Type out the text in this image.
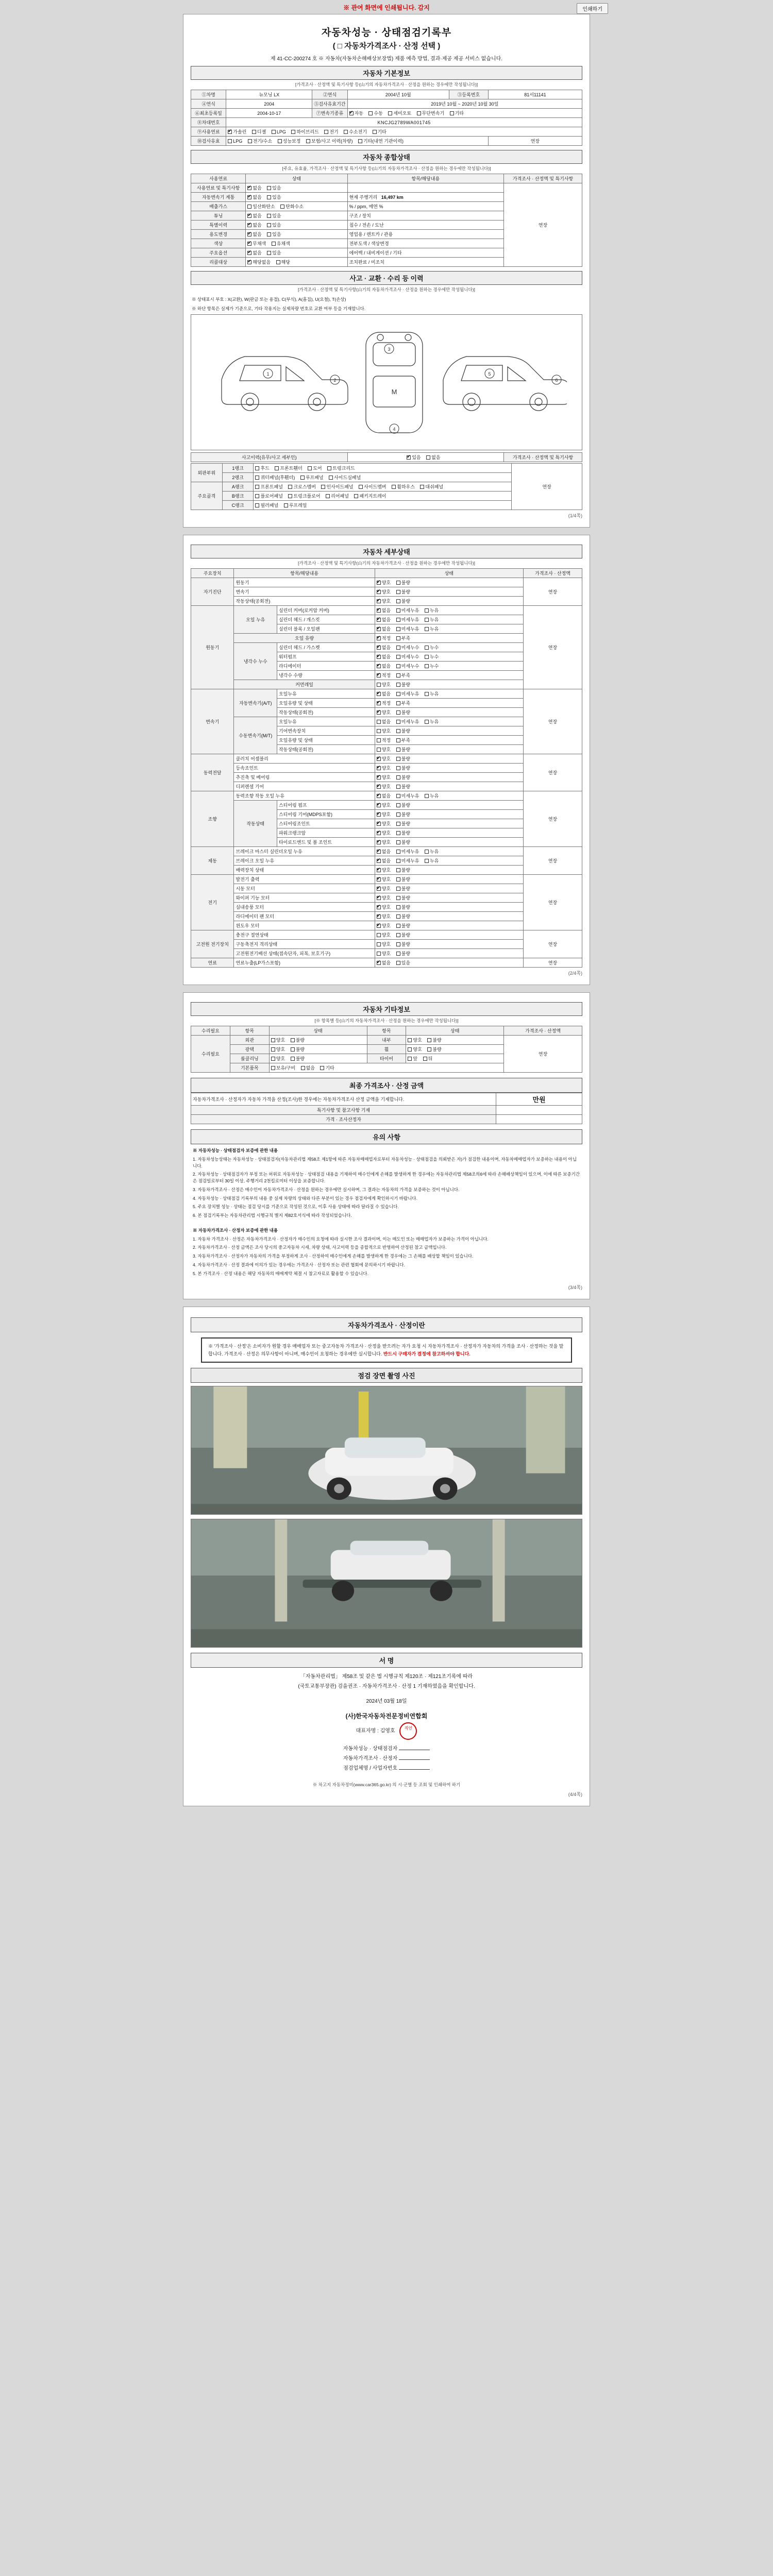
※ 관여 화면에 인쇄됩니다. 감지	인쇄하기
자동차성능 · 상태점검기록부
( □ 자동차가격조사 · 산정 선택 )
제 41-CC-200274 호 ※ 자동차(자동차손해배상보장법) 제품 예측 방법, 결과·제공 제공 서비스 없습니다.
자동차 기본정보
[가격조사 · 산정액 및 특기사항 등(山기의 자동차가격조사 · 산정을 원하는 경우에만 작성됩니다)]
①차명	뉴모닝 LX	②연식	2004년 10월	③등록번호	81서11141
④연식	2004	⑤검사유효기간	2019년 10월 ~ 2020년 10월 30일		
⑥최초등록일	2004-10-17	⑦변속기종류	✔자동 수동 세미오토 무단변속기 기타
⑧차대번호	KNCJG2789WA001745				
⑨사용연료	✔가솔린 디젤 LPG 하이브리드 전기 수소전기 기타
⑩검사유효	LPG 전기/수소 성능보정 보험/사고 이력(차량) 기타(내연 기관이력)				연장
자동차 종합상태
[주요, 유효율, 가격조사 · 산정액 및 특기사항 등(山기의 자동차가격조사 · 산정을 원하는 경우에만 작성됩니다)]
사용연료	상태	항목/해당내용	가격조사 · 산정액 및 특기사항
사용연료 및 특기사항	✔없음 있음		연장
자동변속기 계통	✔없음 있음	현재 주행거리 16,497 km	
배출가스	일산화탄소 탄화수소	% / ppm, 매연 %	
튜닝	✔없음 있음	구조 / 장치	
특별이력	✔없음 있음	침수 / 전손 / 도난	
용도변경	✔없음 있음	영업용 / 렌트카 / 관용	
색상	✔무채색 유채색	전부도색 / 색상변경	
주요옵션	✔없음 있음	에어백 / 내비게이션 / 기타	
리콜대상	✔해당없음 해당	조치완료 / 미조치	
사고 · 교환 · 수리 등 이력
[가격조사 · 산정액 및 특기사항(山기의 자동차가격조사 · 산정을 원하는 경우에만 작성됩니다)]
※ 상태표시 부호 : X(교환), W(판금 또는 용접), C(부식), A(흠집), U(요철), T(손상)
※ 하단 항목은 실제가 기준으로, 기타 작용지는 실제차량 번호로 교환 여부 등을 기재합니다.
M
1
2
3
4
5
6
사고이력(유무/사고 세부인)	✔있음 없음	가격조사 · 산정액 및 특기사항
외판부위	1랭크	후드 프론트휀더 도어 트렁크리드	연장
	2랭크	쿼터패널(후휀더) 루프패널 사이드실패널	
주요골격	A랭크	프론트패널 크로스멤버 인사이드패널 사이드멤버 휠하우스 대쉬패널	
	B랭크	플로어패널 트렁크플로어 리어패널 패키지트레이	
	C랭크	필러패널 루프레일	
(1/4쪽)
자동차 세부상태
[가격조사 · 산정액 및 특기사항(山기의 자동차가격조사 · 산정을 원하는 경우에만 작성됩니다)]
주요장치	항목/해당내용		상태	가격조사 · 산정액
자기진단	원동기	✔양호 불량	연장
	변속기	✔양호 불량
	작동상태(공회전)	✔양호 불량
원동기	오일 누유	실린더 커버(로커암 커버)	✔없음 미세누유 누유	연장
		실린더 헤드 / 개스킷	✔없음 미세누유 누유
		실린더 블록 / 오일팬	✔없음 미세누유 누유
	오일 유량	✔적정 부족
	냉각수 누수	실린더 헤드 / 가스켓	✔없음 미세누수 누수
		워터펌프	✔없음 미세누수 누수
		라디에이터	✔없음 미세누수 누수
		냉각수 수량	✔적정 부족
	커먼레일		양호 불량	
변속기	자동변속기(A/T)	오일누유	✔없음 미세누유 누유	연장
		오일유량 및 상태	✔적정 부족
		작동상태(공회전)	✔양호 불량
	수동변속기(M/T)	오일누유	없음 미세누유 누유	
		기어변속장치	양호 불량	
		오일유량 및 상태	적정 부족	
		작동상태(공회전)	양호 불량	
동력전달	클러치 어셈블리	✔양호 불량	연장
	등속조인트	✔양호 불량
	추진축 및 베어링	✔양호 불량
	디퍼렌셜 기어	✔양호 불량
조향	동력조향 작동 오일 누유	✔없음 미세누유 누유	연장
	작동상태	스티어링 펌프	✔양호 불량
		스티어링 기어(MDPS포함)	✔양호 불량
		스티어링조인트	✔양호 불량
		파워크랭크암	✔양호 불량
		타이로드엔드 및 볼 조인트	✔양호 불량
제동	브레이크 마스터 실린더오일 누유	✔없음 미세누유 누유	연장
	브레이크 오일 누유	✔없음 미세누유 누유
	배력장치 상태	✔양호 불량
전기	발전기 출력	✔양호 불량	연장
	시동 모터	✔양호 불량
	와이퍼 기능 모터	✔양호 불량
	실내송풍 모터	✔양호 불량
	라디에이터 팬 모터	✔양호 불량
	윈도우 모터	✔양호 불량
고전원 전기장치	충전구 절연상태		양호 불량	연장
	구동축전지 격리상태		양호 불량	
	고전원전기배선 상태(접속단자, 피복, 보호기구)		양호 불량	
연료	연료누출(LP가스포함)	✔없음 있음	연장
(2/4쪽)
자동차 기타정보
[※ 항목별 등(山기의 자동차가격조사 · 산정을 원하는 경우에만 작성됩니다)]
수리필요	항목	상태	항목	상태	가격조사 · 산정액
수리필요	외관	양호 불량	내부	양호 불량	연장
	광택	양호 불량	휠	양호 불량	
	룸클리닝	양호 불량	타이어	앞 뒤	
	기본품목	보유/구비 없음 기타			
최종 가격조사 · 산정 금액
자동차가격조사 · 산정자가 자동차 가격을 산정(조사)한 경우에는 자동차가격조사 산정 금액을 기재합니다.	만원
특기사항 및 참고사항 기재	
가격 · 조사산정자	
유의 사항

※ 자동차성능 · 상태점검자 보증에 관한 내용

1. 자동차성능상태는 자동차성능 · 상태점검자(자동차관리법 제58조 제1항에 따른 자동차매매업자로부터 자동차성능 · 상태점검을 의뢰받은 자)가 점검한 내용이며, 자동차매매업자가 보증하는 내용이 아닙니다.

2. 자동차성능 · 상태점검자가 부정 또는 허위로 자동차성능 · 상태점검 내용을 기재하여 매수인에게 손해를 발생하게 한 경우에는 자동차관리법 제58조의6에 따라 손해배상책임이 있으며, 이에 따른 보증기간은 점검일로부터 30일 이상, 주행거리 2천킬로미터 이상을 보증합니다.

3. 자동차가격조사 · 산정은 매수인이 자동차가격조사 · 산정을 원하는 경우에만 실시하며, 그 결과는 자동차의 가격을 보증하는 것이 아닙니다.

4. 자동차성능 · 상태점검 기록부의 내용 중 실제 차량의 상태와 다른 부분이 있는 경우 점검자에게 확인하시기 바랍니다.

5. 주요 장치별 성능 · 상태는 점검 당시를 기준으로 작성된 것으로, 이후 사용 상태에 따라 달라질 수 있습니다.

6. 본 점검기록부는 자동차관리법 시행규칙 별지 제82호서식에 따라 작성되었습니다.

※ 자동차가격조사 · 산정자 보증에 관한 내용

1. 자동차 가격조사 · 산정은 자동차가격조사 · 산정자가 매수인의 요청에 따라 실시한 조사 결과이며, 이는 매도인 또는 매매업자가 보증하는 가격이 아닙니다.

2. 자동차가격조사 · 산정 금액은 조사 당시의 중고자동차 시세, 차량 상태, 사고이력 등을 종합적으로 반영하여 산정된 참고 금액입니다.

3. 자동차가격조사 · 산정자가 자동차의 가격을 부정하게 조사 · 산정하여 매수인에게 손해를 발생하게 한 경우에는 그 손해를 배상할 책임이 있습니다.

4. 자동차가격조사 · 산정 결과에 이의가 있는 경우에는 가격조사 · 산정자 또는 관련 협회에 문의하시기 바랍니다.

5. 본 가격조사 · 산정 내용은 해당 자동차의 매매계약 체결 시 참고자료로 활용할 수 있습니다.

(3/4쪽)
자동차가격조사 · 산정이란
※ '가격조사 · 산정'은 소비자가 원할 경우 매매업자 또는 중고자동차 가격조사 · 산정을 받으려는 자가 요청 시 자동차가격조사 · 산정자가 자동차의 가격을 조사 · 산정하는 것을 말합니다. 가격조사 · 산정은 의무사항이 아니며, 매수인이 요청하는 경우에만 실시합니다. 반드시 구매자가 결정에 참고하셔야 합니다.
점검 장면 촬영 사진
서 명
「자동차관리법」 제58조 및 같은 법 시행규칙 제120조 · 제121조기록에 따라
(국토교통부장관) 검을권조 · 자동차가격조사 · 산정 1 기재하였음을 확인합니다.
2024년 03월 18일
(사)한국자동차전문정비연합회
대표자명 : 김영호 직인
자동차성능 · 상태점검자
자동차가격조사 · 산정자
점검업체명 / 사업자번호
※ 차고지 자동차정비(www.car365.go.kr) 의 시·군별 등 조회 및 인쇄하여 하기
(4/4쪽)
